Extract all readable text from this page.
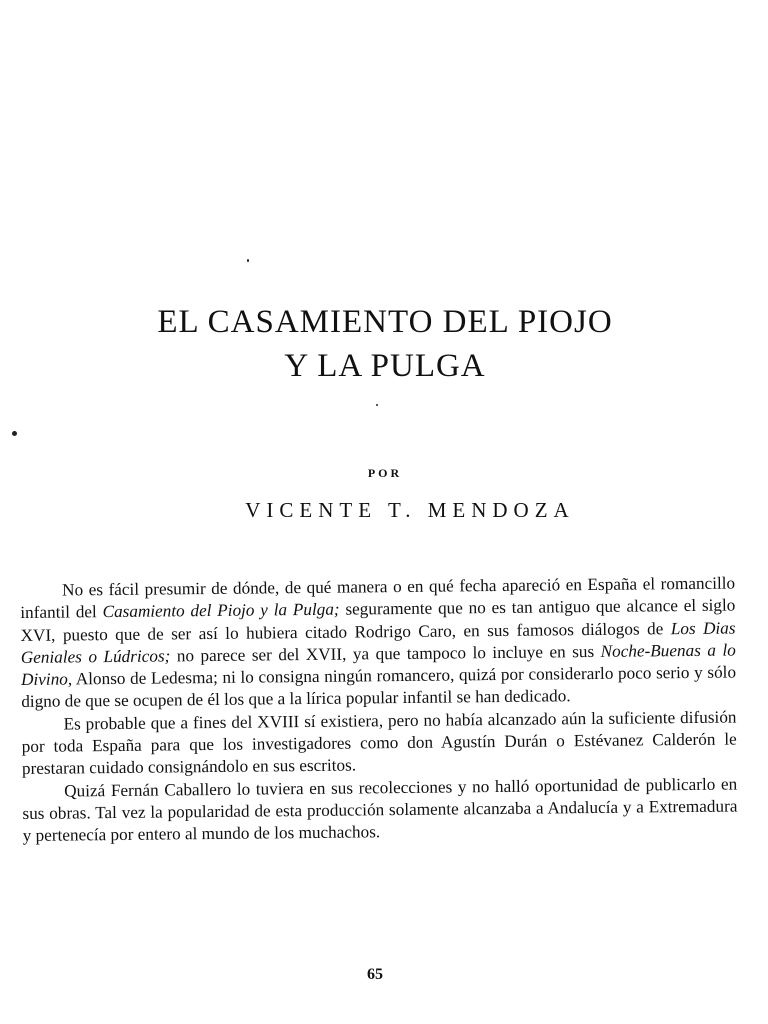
EL CASAMIENTO DEL PIOJO
Y LA PULGA
POR
VICENTE T. MENDOZA

No es fácil presumir de dónde, de qué manera o en qué fecha apareció en España el romancillo infantil del Casamiento del Piojo y la Pulga; seguramente que no es tan antiguo que alcance el siglo XVI, puesto que de ser así lo hubiera citado Rodrigo Caro, en sus famosos diálogos de Los Dias Geniales o Lúdricos; no parece ser del XVII, ya que tampoco lo incluye en sus Noche-Buenas a lo Divino, Alonso de Ledesma; ni lo consigna ningún romancero, quizá por considerarlo poco serio y sólo digno de que se ocupen de él los que a la lírica popular infantil se han dedicado.

Es probable que a fines del XVIII sí existiera, pero no había alcanzado aún la suficiente difusión por toda España para que los investigadores como don Agustín Durán o Estévanez Calderón le prestaran cuidado consignándolo en sus escritos.

Quizá Fernán Caballero lo tuviera en sus recolecciones y no halló oportunidad de publicarlo en sus obras. Tal vez la popularidad de esta producción solamente alcanzaba a Andalucía y a Extremadura y pertenecía por entero al mundo de los muchachos.

65
